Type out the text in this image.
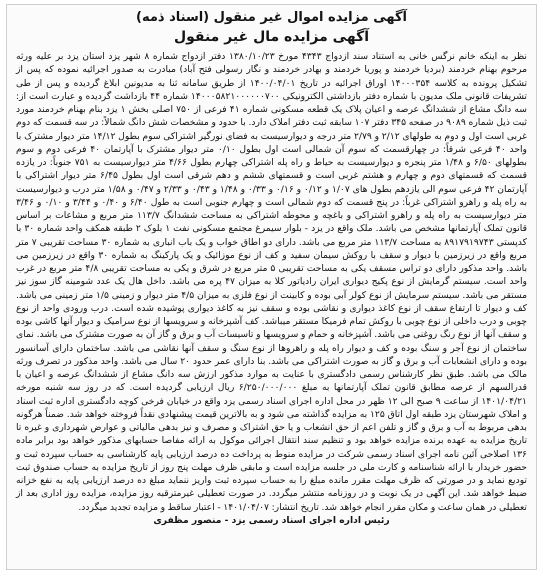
آگهی مزایده اموال غیر منقول (اسناد ذمه)

آگهی مزایده مال غیر منقول

نظر به اینکه خانم نرگس خانی به استناد سند ازدواج ۴۳۴۳ مورخ ۱۳۸۰/۱۰/۲۳ دفتر ازدواج شماره ۸ شهر یزد استان یزد بر علیه ورثه مرحوم بهنام خردمند (بردیا خردمند و پوریا خردمند و بهادر خردمند و نگار رسولی فتح آباد) مبادرت به صدور اجرائیه نموده که پس از تشکیل پرونده به کلاسه ۱۴۰۰۰۳۵۴ اوراق اجرائیه در تاریخ ۱۴۰۰/۰۴/۰۱ از طریق سامانه ثنا به مدیونین ابلاغ گردیده و پس از طی تشریفات قانونی ملک مدیون با شماره دفتر بازداشتی الکترونیکی ۱۴۰۰۰۵۸۲۱۰۰۰۰۰۰۷۰۰ شماره ۴۴ بازداشت گردیده و عبارت است از: سه دانگ مشاع از ششدانگ عرصه و اعیان پلاک یک قطعه مسکونی شماره ۴۱ فرعی از ۷۵۰ اصلی بخش ۱ یزد بنام بهنام خردمند مورد ثبت ذیل شماره ۹۰۸۹ در صفحه ۳۴۵ دفتر ۱۰۷ سابقه ثبت دفتر املاک دارد. با حدود و مشخصات شش دانگ شمالاً: در سه قسمت که دوم غربی است اول و دوم به طولهای ۲/۱۲ و ۲/۷۹ متر درجه و دیوارسیست به فضای نورگیر اشتراکی سوم بطول ۱۴/۱۲ متر دیوار مشترک با واحد ۴۰ فرعی شرقاً: در چهارقسمت که سوم آن شمالی است اول بطول ۰/۱۰ متر دیوار مشترک با آپارتمان ۴۰ فرعی دوم و سوم بطولهای ۶/۵۰ و ۱/۴۸ متر پنجره و دیوارسیست به حیاط و راه پله اشتراکی چهارم بطول ۴/۶۶ متر دیوارسیست به ۷۵۱ جنوباً: در یازده قسمت که قسمتهای دوم و چهارم و هشتم غربی است و قسمتهای ششم و دهم شرقی است اول بطول ۶/۴۵ متر دیوار اشتراکی با آپارتمان ۴۲ فرعی سوم الی یازدهم بطول های ۱/۰۷ و ۰/۱۲ و ۰/۱۶ و ۰/۳۳ و ۱/۴۸ و ۰/۴۳ و ۲/۳۳ و ۰/۴۷ و ۱/۵۸ متر درب و دیوارسیست به راه پله و راهرو اشتراکی غرباً: در پنج قسمت که دوم شمالی است و چهارم جنوبی است به طول ۶/۴۰ و ۰/۴۰ و ۳/۴۴ و ۰/۱۰ و ۳/۴۶ متر دیوارسیست به راه پله و راهرو اشتراکی و باغچه و محوطه اشتراکی به مساحت ششدانگ ۱۱۳/۷ متر مربع و مشاعات بر اساس قانون تملک آپارتمانها مشخص می باشد. ملک واقع در یزد - بلوار سیمرغ مجتمع مسکونی نفت ۱ بلوک ۲ طبقه همکف واحد شماره ۳۰ با کدپستی ۸۹۱۷۹۱۹۷۴۳ به مساحت ۱۱۳/۷ متر مربع می باشد. دارای دو اطاق خواب و یک باب انباری به شماره ۳۰ مساحت تقریبی ۷ متر مربع واقع در زیرزمین با دیوار و سقف با روکش سیمان سفید و کف از نوع موزائیک و یک پارکینگ به شماره ۳۰ واقع در زیرزمین می باشد. واحد مذکور دارای دو تراس مسقف یکی به مساحت تقریبی ۵ متر مربع در شرق و یکی به مساحت تقریبی ۴/۸ متر مربع در غرب واحد است. سیستم گرمایش از نوع پکیج دیواری ایران رادیاتور کلا به میزان ۴۷ پره می باشد. داخل هال یک عدد شومینه گاز سوز نیز مستقر می باشد. سیستم سرمایش از نوع کولر آبی بوده و کابینت از نوع فلزی به میزان ۴/۵ متر دیوار و زمینی ۱/۵ متر زمینی می باشد. کف و دیوار تا ارتفاع سقف از نوع کاغذ دیواری و نقاشی بوده و سقف نیز به کاغذ دیواری پوشیده شده است. درب ورودی واحد از نوع چوبی و درب داخلی از نوع چوبی با روکش تمام فرمیکا مستقر میباشد. کف آشپزخانه و سرویسها از نوع سرامیک و دیوار آنها کاشی بوده و سقف آنها از نوع رنگ روغنی می باشد. آشپزخانه و حمام و سرویسها و تاسیسات آب و برق و گاز آن به صورت مشترک می باشد. نمای ساختمان از نوع آجر و سنگ بوده و کف و دیوار راه پله و راهروها از نوع سنگ و سقف آنها نقاشی می باشد. ساختمان دارای آسانسور بوده و دارای انشعابات آب و برق و گاز به صورت اشتراکی می باشد. بنا دارای عمر حدود ۲۰ سال می باشد. واحد مذکور در تصرف ورثه مالک می باشد. طبق نظر کارشناس رسمی دادگستری با عنایت به موارد مذکور ارزش سه دانگ مشاع از ششدانگ عرصه و اعیان با قدرالسهم از عرصه مطابق قانون تملک آپارتمانها به مبلغ ۶/۲۵۰/۰۰۰/۰۰۰ ریال ارزیابی گردیده است. که در روز سه شنبه مورخه ۱۴۰۱/۰۴/۲۱ از ساعت ۹ صبح الی ۱۲ ظهر در محل اداره اجرای اسناد رسمی یزد واقع در خیابان فرخی کوچه دادگستری اداره ثبت اسناد و املاک شهرستان یزد طبقه اول اتاق ۱۲۵ به مزایده گذاشته می شود و به بالاترین قیمت پیشنهادی نقداً فروخته خواهد شد. ضمناً هرگونه بدهی مربوط به آب و برق و گاز و تلفن اعم از حق انشعاب و یا حق اشتراک و مصرف و نیز بدهی مالیاتی و عوارض شهرداری و غیره تا تاریخ مزایده به عهده برنده مزایده خواهد بود و تنظیم سند انتقال اجرائی موکول به ارائه مفاصا حسابهای مذکور خواهد بود برابر ماده ۱۳۶ اصلاحی آئین نامه اجرای اسناد رسمی شرکت در مزایده منوط به پرداخت ده درصد ارزیابی پایه کارشناسی به حساب سپرده ثبت و حضور خریدار با ارائه شناسنامه و کارت ملی در جلسه مزایده است و مابقی ظرف مهلت پنج روز از تاریخ مزایده به حساب صندوق ثبت تودیع نماید و در صورتی که ظرف مهلت مقرر مانده مبلغ را به حساب سپرده ثبت واریز ننماید مبلغ ده درصد ارزیابی پایه به نفع خزانه ضبط خواهد شد. این آگهی در یک نوبت و در روزنامه منتشر میگردد. در صورت تعطیلی غیرمترقبه روز مزایده، مزایده روز اداری بعد از تعطیلی در همان ساعت و مکان مقرر انجام خواهد شد. تاریخ انتشار: ۱۴۰۱/۰۴/۰۷ - اعتبار ساقط و مزایده تجدید میگردد.

رئیس اداره اجرای اسناد رسمی یزد - منصور مظفری
